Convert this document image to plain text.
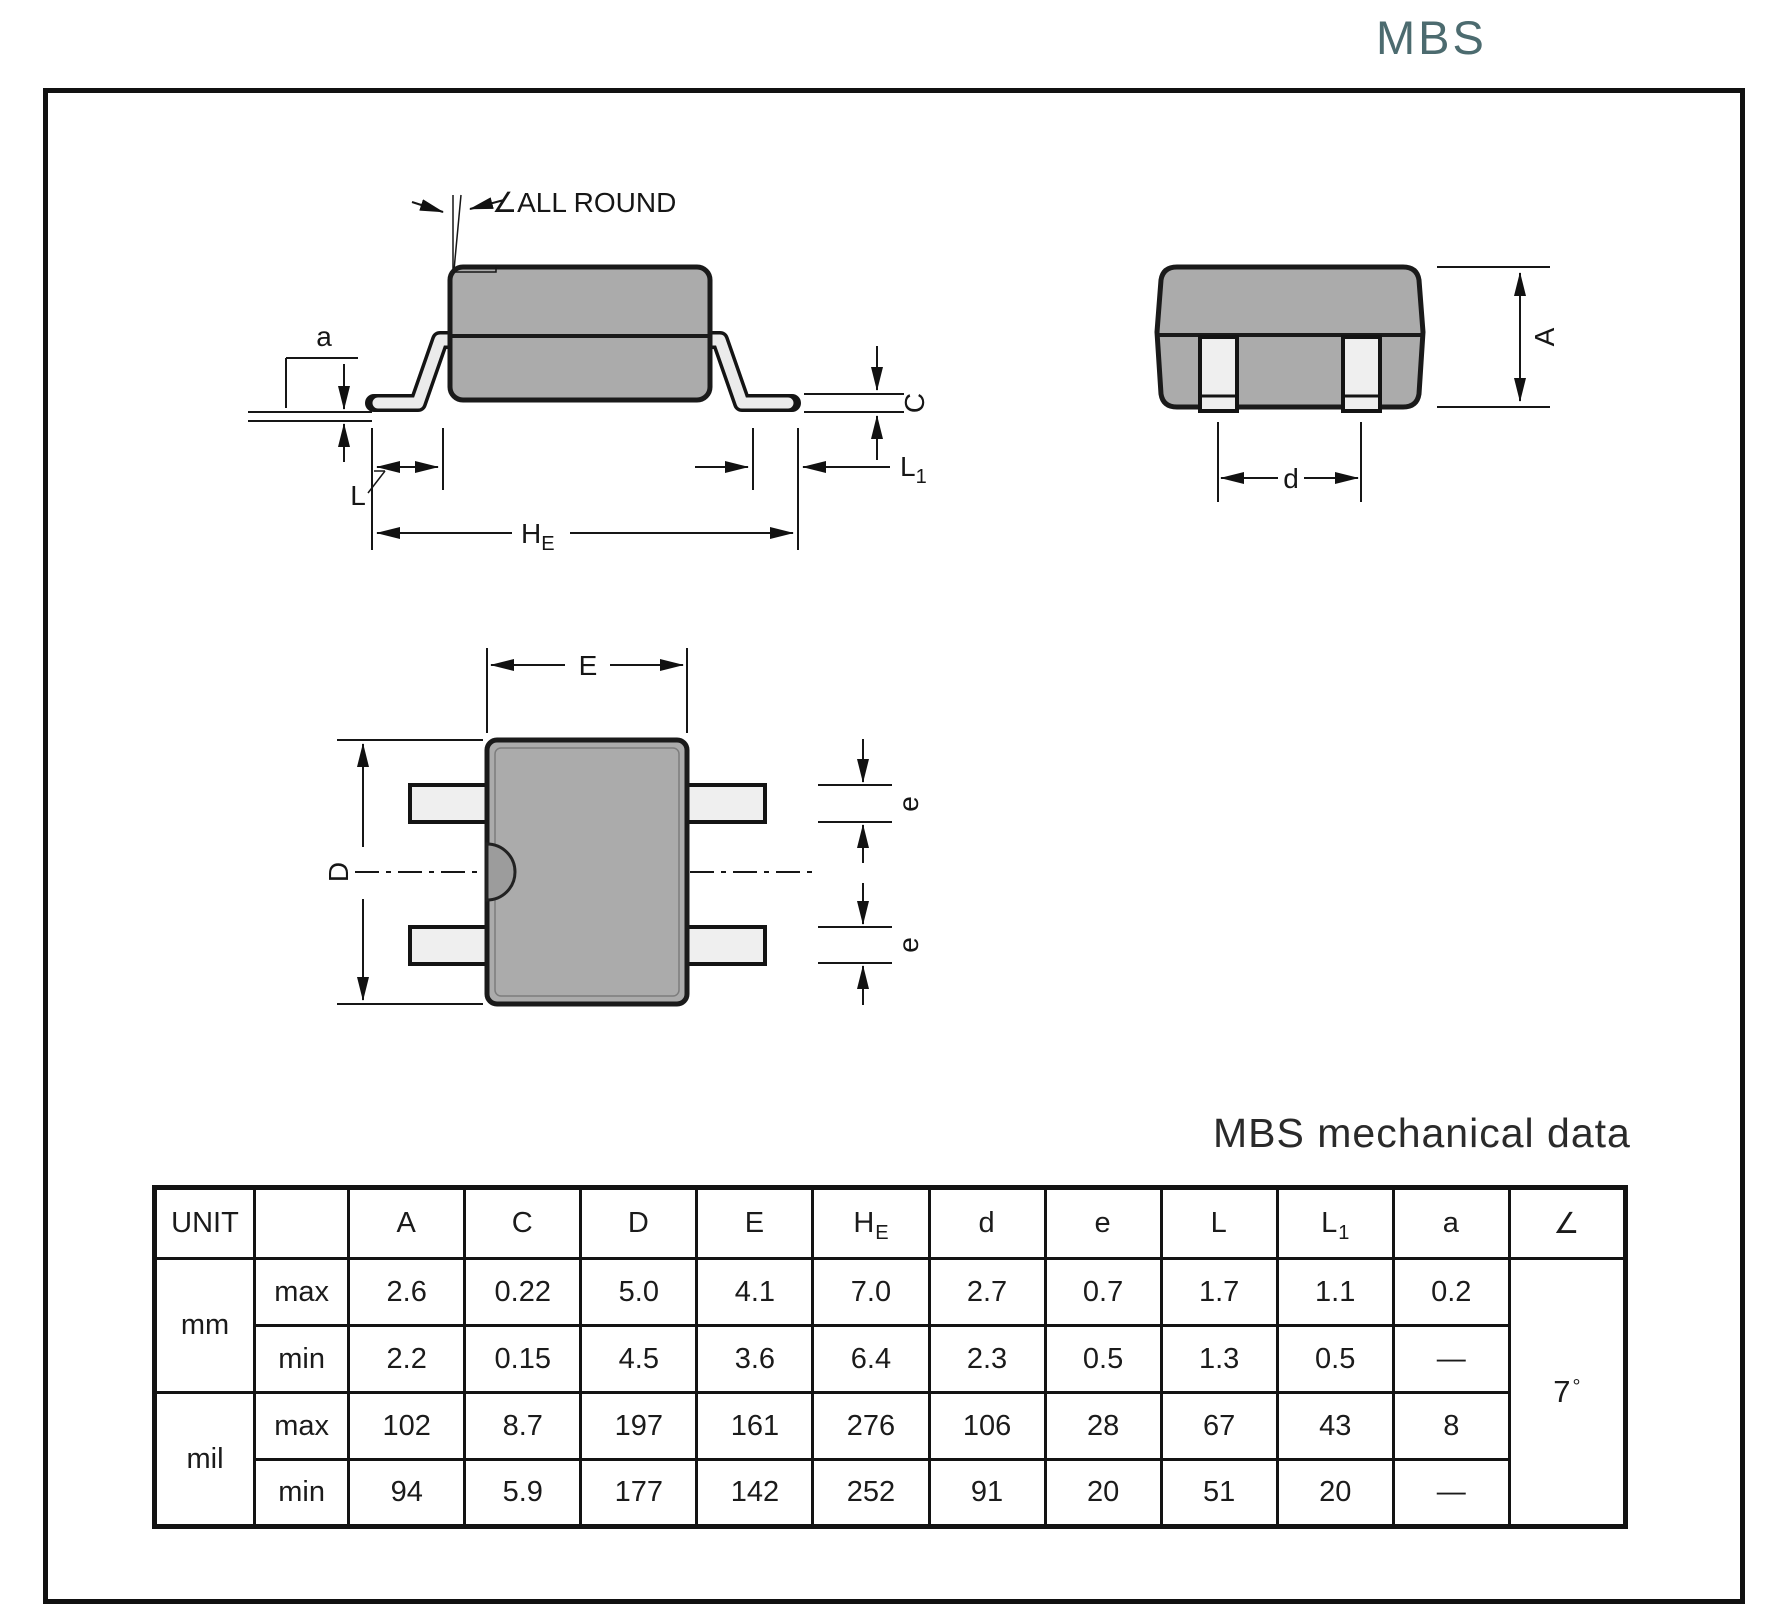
MBS
∠ALL ROUND
a
L
$H_E$
$L_1$
C
A
d
E
D
e
e
MBS mechanical data
UNIT		A	C	D	E	$H_E$	d	e	L	$L_1$	a	∠
mm	max	2.6	0.22	5.0	4.1	7.0	2.7	0.7	1.7	1.1	0.2	7 °
	min	2.2	0.15	4.5	3.6	6.4	2.3	0.5	1.3	0.5	—	
mil	max	102	8.7	197	161	276	106	28	67	43	8	
	min	94	5.9	177	142	252	91	20	51	20	—	
